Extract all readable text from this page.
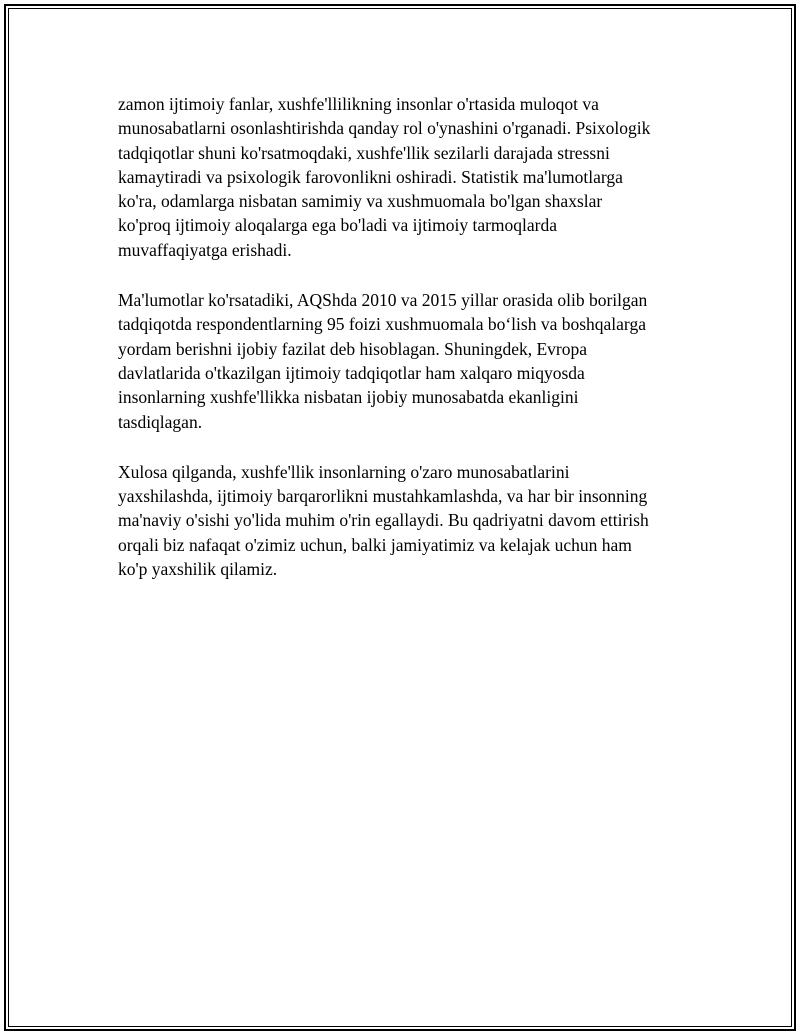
zamon ijtimoiy fanlar, xushfe'llilikning insonlar o'rtasida muloqot va
munosabatlarni osonlashtirishda qanday rol o'ynashini o'rganadi. Psixologik
tadqiqotlar shuni ko'rsatmoqdaki, xushfe'llik sezilarli darajada stressni
kamaytiradi va psixologik farovonlikni oshiradi. Statistik ma'lumotlarga
ko'ra, odamlarga nisbatan samimiy va xushmuomala bo'lgan shaxslar
ko'proq ijtimoiy aloqalarga ega bo'ladi va ijtimoiy tarmoqlarda
muvaffaqiyatga erishadi.

Ma'lumotlar ko'rsatadiki, AQShda 2010 va 2015 yillar orasida olib borilgan
tadqiqotda respondentlarning 95 foizi xushmuomala bo‘lish va boshqalarga
yordam berishni ijobiy fazilat deb hisoblagan. Shuningdek, Evropa
davlatlarida o'tkazilgan ijtimoiy tadqiqotlar ham xalqaro miqyosda
insonlarning xushfe'llikka nisbatan ijobiy munosabatda ekanligini
tasdiqlagan.

Xulosa qilganda, xushfe'llik insonlarning o'zaro munosabatlarini
yaxshilashda, ijtimoiy barqarorlikni mustahkamlashda, va har bir insonning
ma'naviy o'sishi yo'lida muhim o'rin egallaydi. Bu qadriyatni davom ettirish
orqali biz nafaqat o'zimiz uchun, balki jamiyatimiz va kelajak uchun ham
ko'p yaxshilik qilamiz.
